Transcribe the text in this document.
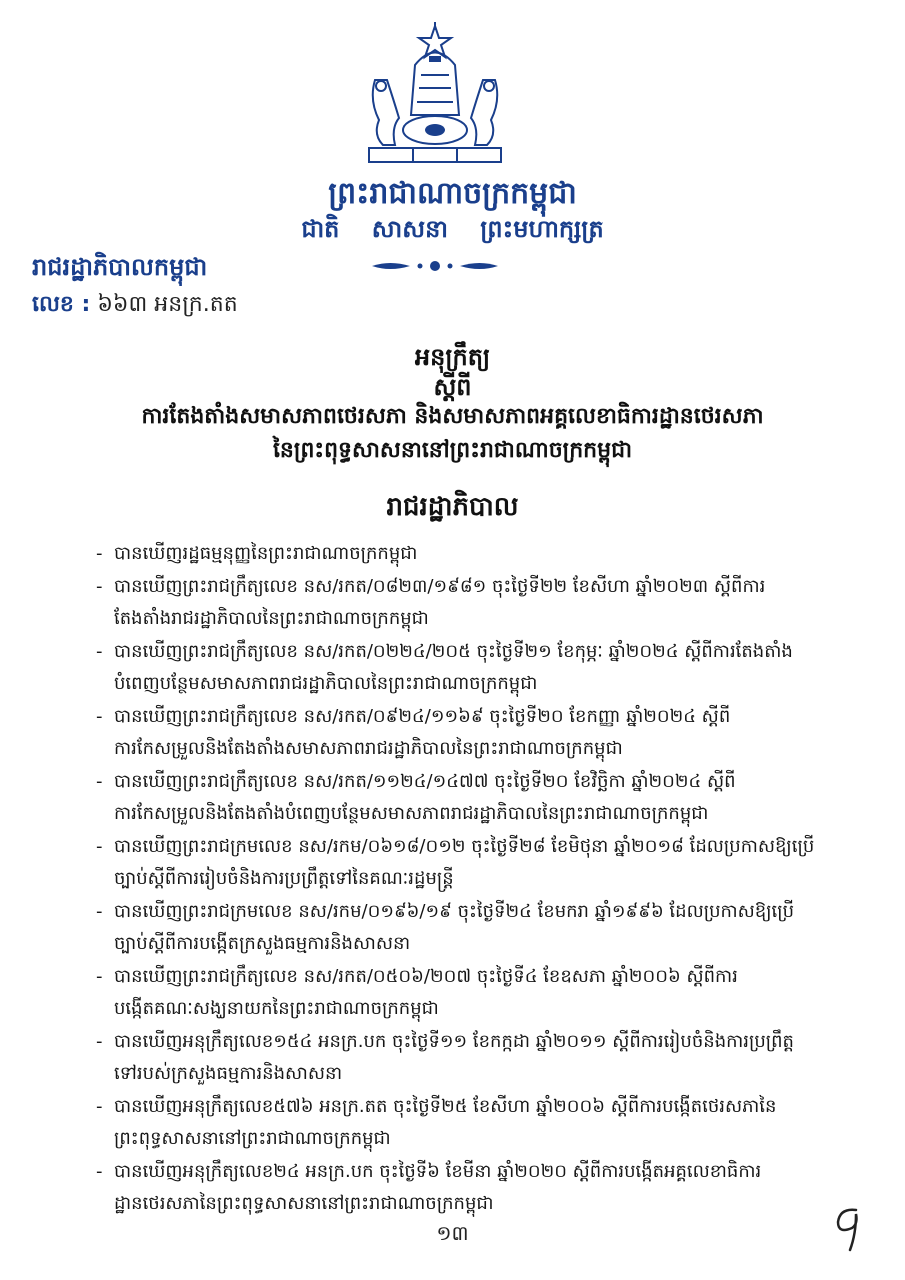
ព្រះរាជាណាចក្រកម្ពុជា
ជាតិ សាសនា ព្រះមហាក្សត្រ
រាជរដ្ឋាភិបាលកម្ពុជា
លេខ : ៦៦៣ អនក្រ.តត
អនុក្រឹត្យ
ស្ដីពី
ការតែងតាំងសមាសភាពថេរសភា និងសមាសភាពអគ្គលេខាធិការដ្ឋានថេរសភា
នៃព្រះពុទ្ធសាសនានៅព្រះរាជាណាចក្រកម្ពុជា
រាជរដ្ឋាភិបាល
- បានឃើញរដ្ឋធម្មនុញ្ញនៃព្រះរាជាណាចក្រកម្ពុជា
- បានឃើញព្រះរាជក្រឹត្យលេខ នស/រកត/០៨២៣/១៩៨១ ចុះថ្ងៃទី២២ ខែសីហា ឆ្នាំ២០២៣ ស្ដីពីការតែងតាំងរាជរដ្ឋាភិបាលនៃព្រះរាជាណាចក្រកម្ពុជា
- បានឃើញព្រះរាជក្រឹត្យលេខ នស/រកត/០២២៤/២០៥ ចុះថ្ងៃទី២១ ខែកុម្ភៈ ឆ្នាំ២០២៤ ស្ដីពីការតែងតាំងបំពេញបន្ថែមសមាសភាពរាជរដ្ឋាភិបាលនៃព្រះរាជាណាចក្រកម្ពុជា
- បានឃើញព្រះរាជក្រឹត្យលេខ នស/រកត/០៩២៤/១១៦៩ ចុះថ្ងៃទី២០ ខែកញ្ញា ឆ្នាំ២០២៤ ស្ដីពីការកែសម្រួលនិងតែងតាំងសមាសភាពរាជរដ្ឋាភិបាលនៃព្រះរាជាណាចក្រកម្ពុជា
- បានឃើញព្រះរាជក្រឹត្យលេខ នស/រកត/១១២៤/១៤៧៧ ចុះថ្ងៃទី២០ ខែវិច្ឆិកា ឆ្នាំ២០២៤ ស្ដីពីការកែសម្រួលនិងតែងតាំងបំពេញបន្ថែមសមាសភាពរាជរដ្ឋាភិបាលនៃព្រះរាជាណាចក្រកម្ពុជា
- បានឃើញព្រះរាជក្រមលេខ នស/រកម/០៦១៨/០១២ ចុះថ្ងៃទី២៨ ខែមិថុនា ឆ្នាំ២០១៨ ដែលប្រកាសឱ្យប្រើច្បាប់ស្ដីពីការរៀបចំនិងការប្រព្រឹត្តទៅនៃគណៈរដ្ឋមន្ត្រី
- បានឃើញព្រះរាជក្រមលេខ នស/រកម/០១៩៦/១៩ ចុះថ្ងៃទី២៤ ខែមករា ឆ្នាំ១៩៩៦ ដែលប្រកាសឱ្យប្រើច្បាប់ស្ដីពីការបង្កើតក្រសួងធម្មការនិងសាសនា
- បានឃើញព្រះរាជក្រឹត្យលេខ នស/រកត/០៥០៦/២០៧ ចុះថ្ងៃទី៤ ខែឧសភា ឆ្នាំ២០០៦ ស្ដីពីការបង្កើតគណៈសង្ឃនាយកនៃព្រះរាជាណាចក្រកម្ពុជា
- បានឃើញអនុក្រឹត្យលេខ១៥៤ អនក្រ.បក ចុះថ្ងៃទី១១ ខែកក្កដា ឆ្នាំ២០១១ ស្ដីពីការរៀបចំនិងការប្រព្រឹត្តទៅរបស់ក្រសួងធម្មការនិងសាសនា
- បានឃើញអនុក្រឹត្យលេខ៥៧៦ អនក្រ.តត ចុះថ្ងៃទី២៥ ខែសីហា ឆ្នាំ២០០៦ ស្ដីពីការបង្កើតថេរសភានៃព្រះពុទ្ធសាសនានៅព្រះរាជាណាចក្រកម្ពុជា
- បានឃើញអនុក្រឹត្យលេខ២៤ អនក្រ.បក ចុះថ្ងៃទី៦ ខែមីនា ឆ្នាំ២០២០ ស្ដីពីការបង្កើតអគ្គលេខាធិការដ្ឋានថេរសភានៃព្រះពុទ្ធសាសនានៅព្រះរាជាណាចក្រកម្ពុជា
១៣
